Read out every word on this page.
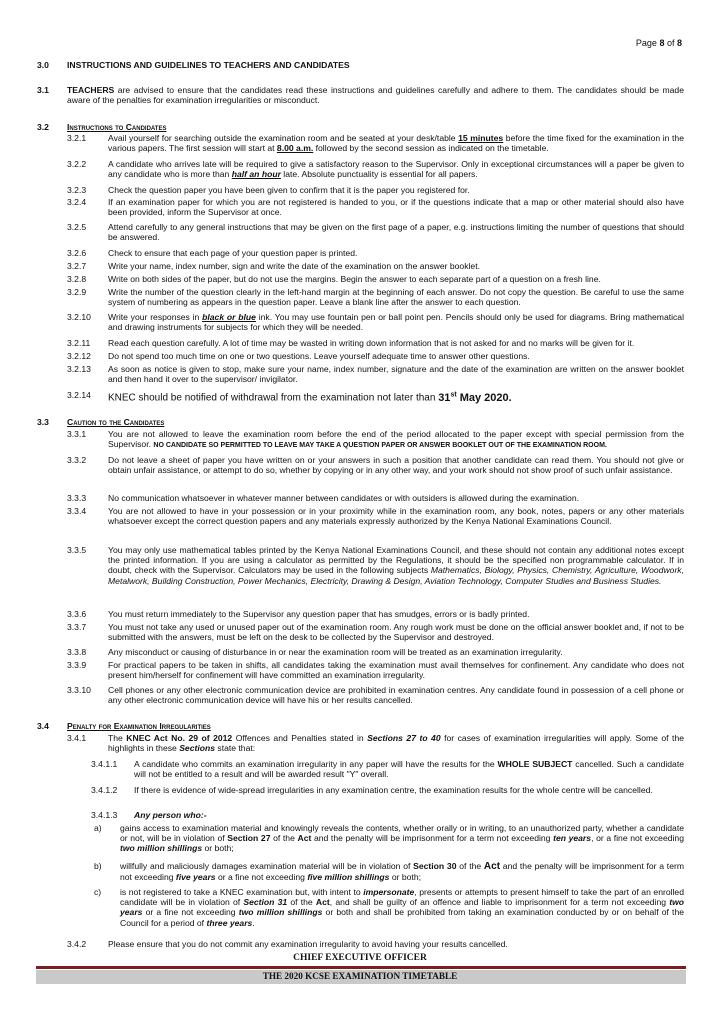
Page 8 of 8
3.0 INSTRUCTIONS AND GUIDELINES TO TEACHERS AND CANDIDATES
3.1 TEACHERS are advised to ensure that the candidates read these instructions and guidelines carefully and adhere to them. The candidates should be made aware of the penalties for examination irregularities or misconduct.
3.2 Instructions to Candidates
3.2.1	Avail yourself for searching outside the examination room and be seated at your desk/table 15 minutes before the time fixed for the examination in the various papers. The first session will start at 8.00 a.m. followed by the second session as indicated on the timetable.
3.2.2	A candidate who arrives late will be required to give a satisfactory reason to the Supervisor. Only in exceptional circumstances will a paper be given to any candidate who is more than half an hour late. Absolute punctuality is essential for all papers.
3.2.3	Check the question paper you have been given to confirm that it is the paper you registered for.
3.2.4	If an examination paper for which you are not registered is handed to you, or if the questions indicate that a map or other material should also have been provided, inform the Supervisor at once.
3.2.5	Attend carefully to any general instructions that may be given on the first page of a paper, e.g. instructions limiting the number of questions that should be answered.
3.2.6	Check to ensure that each page of your question paper is printed.
3.2.7	Write your name, index number, sign and write the date of the examination on the answer booklet.
3.2.8	Write on both sides of the paper, but do not use the margins. Begin the answer to each separate part of a question on a fresh line.
3.2.9	Write the number of the question clearly in the left-hand margin at the beginning of each answer. Do not copy the question. Be careful to use the same system of numbering as appears in the question paper. Leave a blank line after the answer to each question.
3.2.10 Write your responses in black or blue ink. You may use fountain pen or ball point pen. Pencils should only be used for diagrams. Bring mathematical and drawing instruments for subjects for which they will be needed.
3.2.11 Read each question carefully. A lot of time may be wasted in writing down information that is not asked for and no marks will be given for it.
3.2.12 Do not spend too much time on one or two questions. Leave yourself adequate time to answer other questions.
3.2.13 As soon as notice is given to stop, make sure your name, index number, signature and the date of the examination are written on the answer booklet and then hand it over to the supervisor/ invigilator.
3.2.14 KNEC should be notified of withdrawal from the examination not later than 31st May 2020.
3.3 Caution to the Candidates
3.3.1	You are not allowed to leave the examination room before the end of the period allocated to the paper except with special permission from the Supervisor. NO CANDIDATE SO PERMITTED TO LEAVE MAY TAKE A QUESTION PAPER OR ANSWER BOOKLET OUT OF THE EXAMINATION ROOM.
3.3.2	Do not leave a sheet of paper you have written on or your answers in such a position that another candidate can read them. You should not give or obtain unfair assistance, or attempt to do so, whether by copying or in any other way, and your work should not show proof of such unfair assistance.
3.3.3	No communication whatsoever in whatever manner between candidates or with outsiders is allowed during the examination.
3.3.4	You are not allowed to have in your possession or in your proximity while in the examination room, any book, notes, papers or any other materials whatsoever except the correct question papers and any materials expressly authorized by the Kenya National Examinations Council.
3.3.5	You may only use mathematical tables printed by the Kenya National Examinations Council, and these should not contain any additional notes except the printed information. If you are using a calculator as permitted by the Regulations, it should be the specified non programmable calculator. If in doubt, check with the Supervisor. Calculators may be used in the following subjects Mathematics, Biology, Physics, Chemistry, Agriculture, Woodwork, Metalwork, Building Construction, Power Mechanics, Electricity, Drawing & Design, Aviation Technology, Computer Studies and Business Studies.
3.3.6	You must return immediately to the Supervisor any question paper that has smudges, errors or is badly printed.
3.3.7	You must not take any used or unused paper out of the examination room. Any rough work must be done on the official answer booklet and, if not to be submitted with the answers, must be left on the desk to be collected by the Supervisor and destroyed.
3.3.8	Any misconduct or causing of disturbance in or near the examination room will be treated as an examination irregularity.
3.3.9	For practical papers to be taken in shifts, all candidates taking the examination must avail themselves for confinement. Any candidate who does not present him/herself for confinement will have committed an examination irregularity.
3.3.10 Cell phones or any other electronic communication device are prohibited in examination centres. Any candidate found in possession of a cell phone or any other electronic communication device will have his or her results cancelled.
3.4 Penalty for Examination Irregularities
3.4.1	The KNEC Act No. 29 of 2012 Offences and Penalties stated in Sections 27 to 40 for cases of examination irregularities will apply. Some of the highlights in these Sections state that:
3.4.1.1 A candidate who commits an examination irregularity in any paper will have the results for the WHOLE SUBJECT cancelled. Such a candidate will not be entitled to a result and will be awarded result "Y" overall.
3.4.1.2 If there is evidence of wide-spread irregularities in any examination centre, the examination results for the whole centre will be cancelled.
3.4.1.3 Any person who:-
a) gains access to examination material and knowingly reveals the contents, whether orally or in writing, to an unauthorized party, whether a candidate or not, will be in violation of Section 27 of the Act and the penalty will be imprisonment for a term not exceeding ten years, or a fine not exceeding two million shillings or both;
b) willfully and maliciously damages examination material will be in violation of Section 30 of the Act and the penalty will be imprisonment for a term not exceeding five years or a fine not exceeding five million shillings or both;
c) is not registered to take a KNEC examination but, with intent to impersonate, presents or attempts to present himself to take the part of an enrolled candidate will be in violation of Section 31 of the Act, and shall be guilty of an offence and liable to imprisonment for a term not exceeding two years or a fine not exceeding two million shillings or both and shall be prohibited from taking an examination conducted by or on behalf of the Council for a period of three years.
3.4.2	Please ensure that you do not commit any examination irregularity to avoid having your results cancelled.
CHIEF EXECUTIVE OFFICER
THE 2020 KCSE EXAMINATION TIMETABLE
